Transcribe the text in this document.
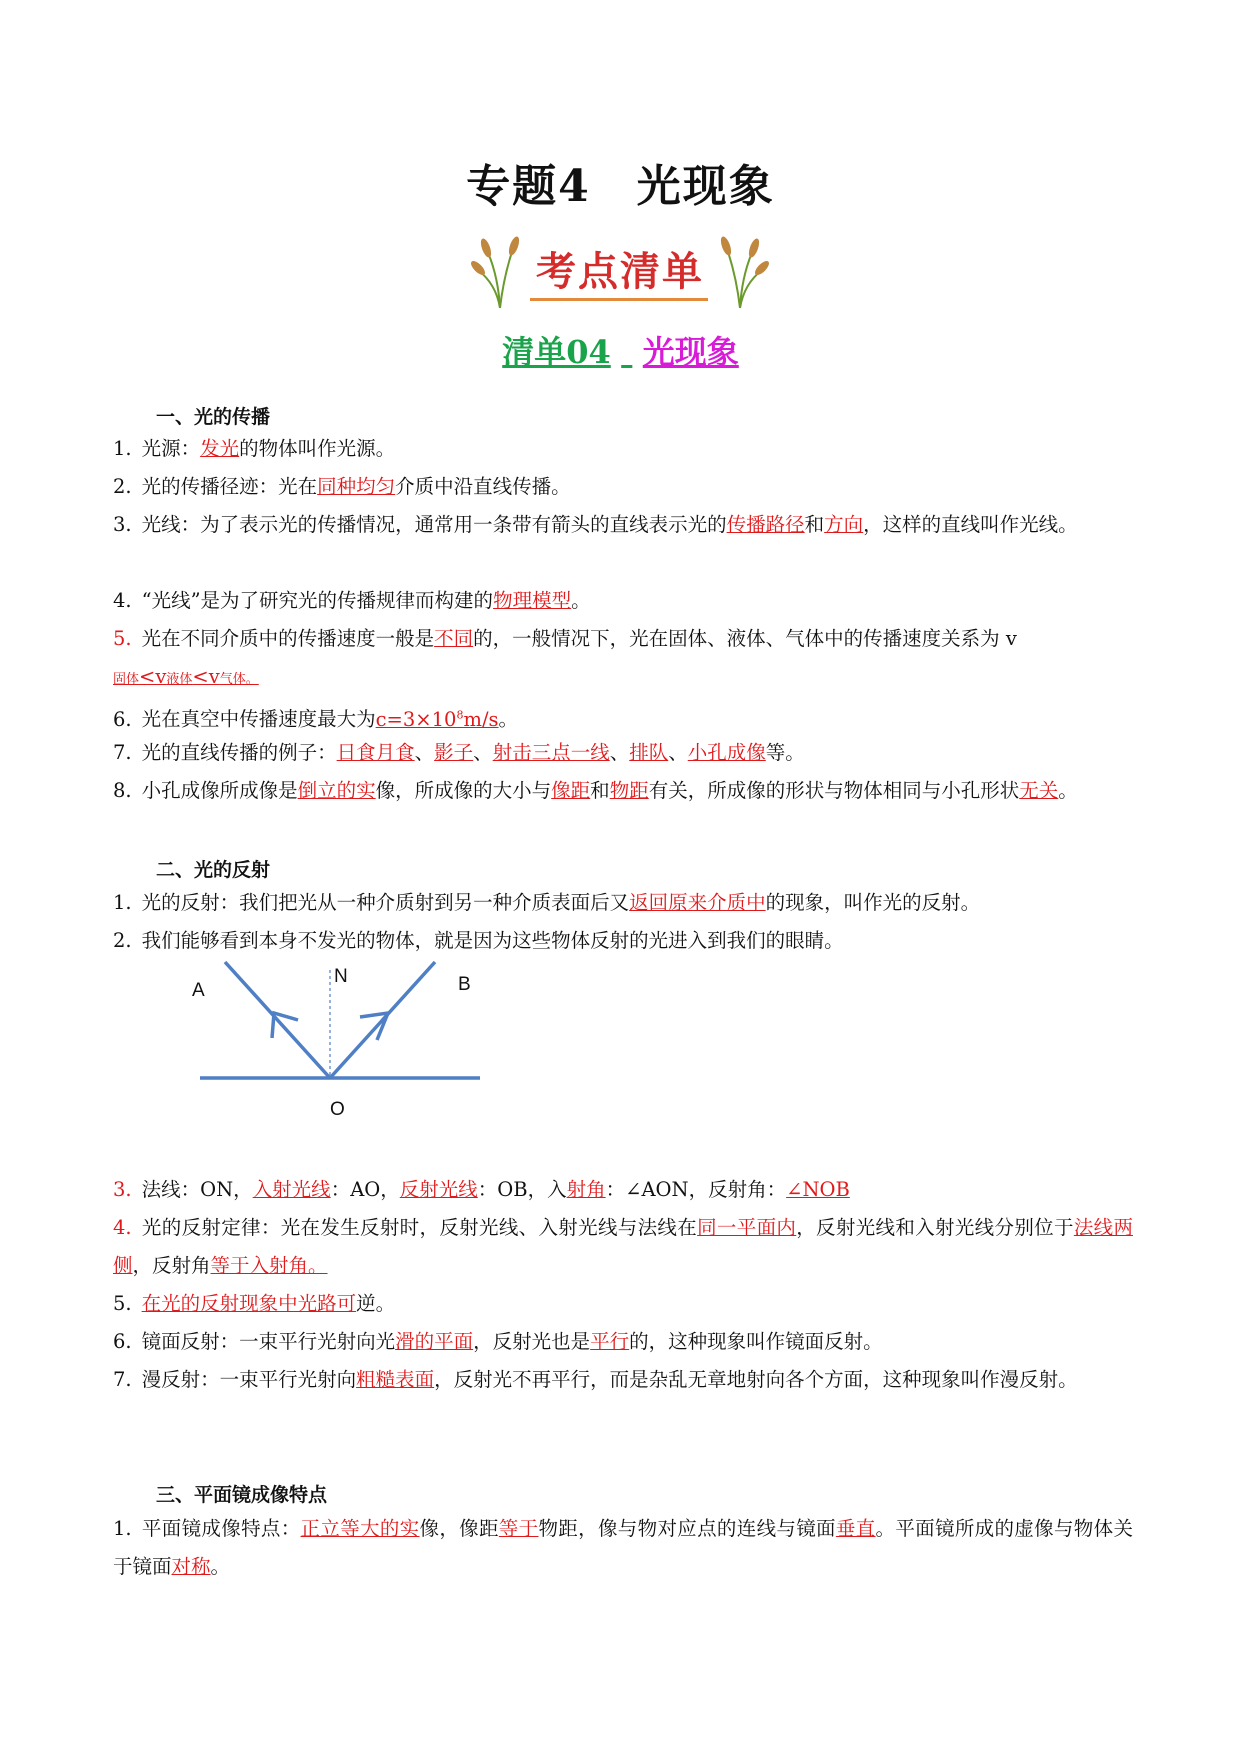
专题4　光现象
考点清单
清单04 光现象
一、光的传播
1. 光源：发光的物体叫作光源。
2. 光的传播径迹：光在同种均匀介质中沿直线传播。
3. 光线：为了表示光的传播情况，通常用一条带有箭头的直线表示光的传播路径和方向，这样的直线叫作光线。
4. “光线”是为了研究光的传播规律而构建的物理模型。
5. 光在不同介质中的传播速度一般是不同的，一般情况下，光在固体、液体、气体中的传播速度关系为 v
固体<v液体<v气体。
6. 光在真空中传播速度最大为$c=3\times 10^8m/s$。
7. 光的直线传播的例子：日食月食、影子、射击三点一线、排队、小孔成像等。
8. 小孔成像所成像是倒立的实像，所成像的大小与像距和物距有关，所成像的形状与物体相同与小孔形状无关。
二、光的反射
1. 光的反射：我们把光从一种介质射到另一种介质表面后又返回原来介质中的现象，叫作光的反射。
2. 我们能够看到本身不发光的物体，就是因为这些物体反射的光进入到我们的眼睛。
A
N	B
O
3. 法线：ON，入射光线：AO，反射光线：OB，入射角：∠AON，反射角：∠NOB
4. 光的反射定律：光在发生反射时，反射光线、入射光线与法线在同一平面内，反射光线和入射光线分别位于法线两侧，反射角等于入射角。
5. 在光的反射现象中光路可逆。
6. 镜面反射：一束平行光射向光滑的平面，反射光也是平行的，这种现象叫作镜面反射。
7. 漫反射：一束平行光射向粗糙表面，反射光不再平行，而是杂乱无章地射向各个方面，这种现象叫作漫反射。
三、平面镜成像特点
1. 平面镜成像特点：正立等大的实像，像距等于物距，像与物对应点的连线与镜面垂直。平面镜所成的虚像与物体关于镜面对称。
